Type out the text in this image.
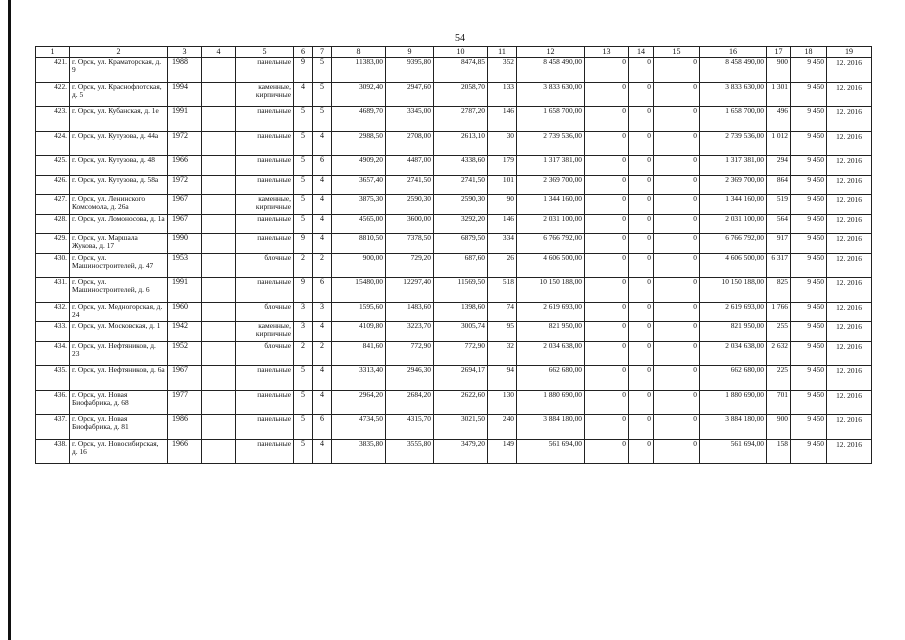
54
1	2	3	4	5	6	7	8	9	10	11	12	13	14	15	16	17	18	19
421.	г. Орск, ул. Краматорская, д. 9	1988		панельные	9	5	11383,00	9395,80	8474,85	352	8 458 490,00	0	0	0	8 458 490,00	900	9 450	12. 2016
422.	г. Орск, ул. Краснофлотская, д. 5	1994		каменные, кирпичные	4	5	3092,40	2947,60	2058,70	133	3 833 630,00	0	0	0	3 833 630,00	1 301	9 450	12. 2016
423.	г. Орск, ул. Кубанская, д. 1е	1991		панельные	5	5	4689,70	3345,00	2787,20	146	1 658 700,00	0	0	0	1 658 700,00	496	9 450	12. 2016
424.	г. Орск, ул. Кутузова, д. 44а	1972		панельные	5	4	2988,50	2708,00	2613,10	30	2 739 536,00	0	0	0	2 739 536,00	1 012	9 450	12. 2016
425.	г. Орск, ул. Кутузова, д. 48	1966		панельные	5	6	4909,20	4487,00	4338,60	179	1 317 381,00	0	0	0	1 317 381,00	294	9 450	12. 2016
426.	г. Орск, ул. Кутузова, д. 58а	1972		панельные	5	4	3657,40	2741,50	2741,50	101	2 369 700,00	0	0	0	2 369 700,00	864	9 450	12. 2016
427.	г. Орск, ул. Ленинского Комсомола, д. 26а	1967		каменные, кирпичные	5	4	3875,30	2590,30	2590,30	90	1 344 160,00	0	0	0	1 344 160,00	519	9 450	12. 2016
428.	г. Орск, ул. Ломоносова, д. 1а	1967		панельные	5	4	4565,00	3600,00	3292,20	146	2 031 100,00	0	0	0	2 031 100,00	564	9 450	12. 2016
429.	г. Орск, ул. Маршала Жукова, д. 17	1990		панельные	9	4	8810,50	7378,50	6879,50	334	6 766 792,00	0	0	0	6 766 792,00	917	9 450	12. 2016
430.	г. Орск, ул. Машиностроителей, д. 47	1953		блочные	2	2	900,00	729,20	687,60	26	4 606 500,00	0	0	0	4 606 500,00	6 317	9 450	12. 2016
431.	г. Орск, ул. Машиностроителей, д. 6	1991		панельные	9	6	15480,00	12297,40	11569,50	518	10 150 188,00	0	0	0	10 150 188,00	825	9 450	12. 2016
432.	г. Орск, ул. Медногорская, д. 24	1960		блочные	3	3	1595,60	1483,60	1398,60	74	2 619 693,00	0	0	0	2 619 693,00	1 766	9 450	12. 2016
433.	г. Орск, ул. Московская, д. 1	1942		каменные, кирпичные	3	4	4109,80	3223,70	3005,74	95	821 950,00	0	0	0	821 950,00	255	9 450	12. 2016
434.	г. Орск, ул. Нефтяников, д. 23	1952		блочные	2	2	841,60	772,90	772,90	32	2 034 638,00	0	0	0	2 034 638,00	2 632	9 450	12. 2016
435.	г. Орск, ул. Нефтяников, д. 6а	1967		панельные	5	4	3313,40	2946,30	2694,17	94	662 680,00	0	0	0	662 680,00	225	9 450	12. 2016
436.	г. Орск, ул. Новая Биофабрика, д. 68	1977		панельные	5	4	2964,20	2684,20	2622,60	130	1 880 690,00	0	0	0	1 880 690,00	701	9 450	12. 2016
437.	г. Орск, ул. Новая Биофабрика, д. 81	1986		панельные	5	6	4734,50	4315,70	3021,50	240	3 884 180,00	0	0	0	3 884 180,00	900	9 450	12. 2016
438.	г. Орск, ул. Новосибирская, д. 16	1966		панельные	5	4	3835,80	3555,80	3479,20	149	561 694,00	0	0	0	561 694,00	158	9 450	12. 2016
